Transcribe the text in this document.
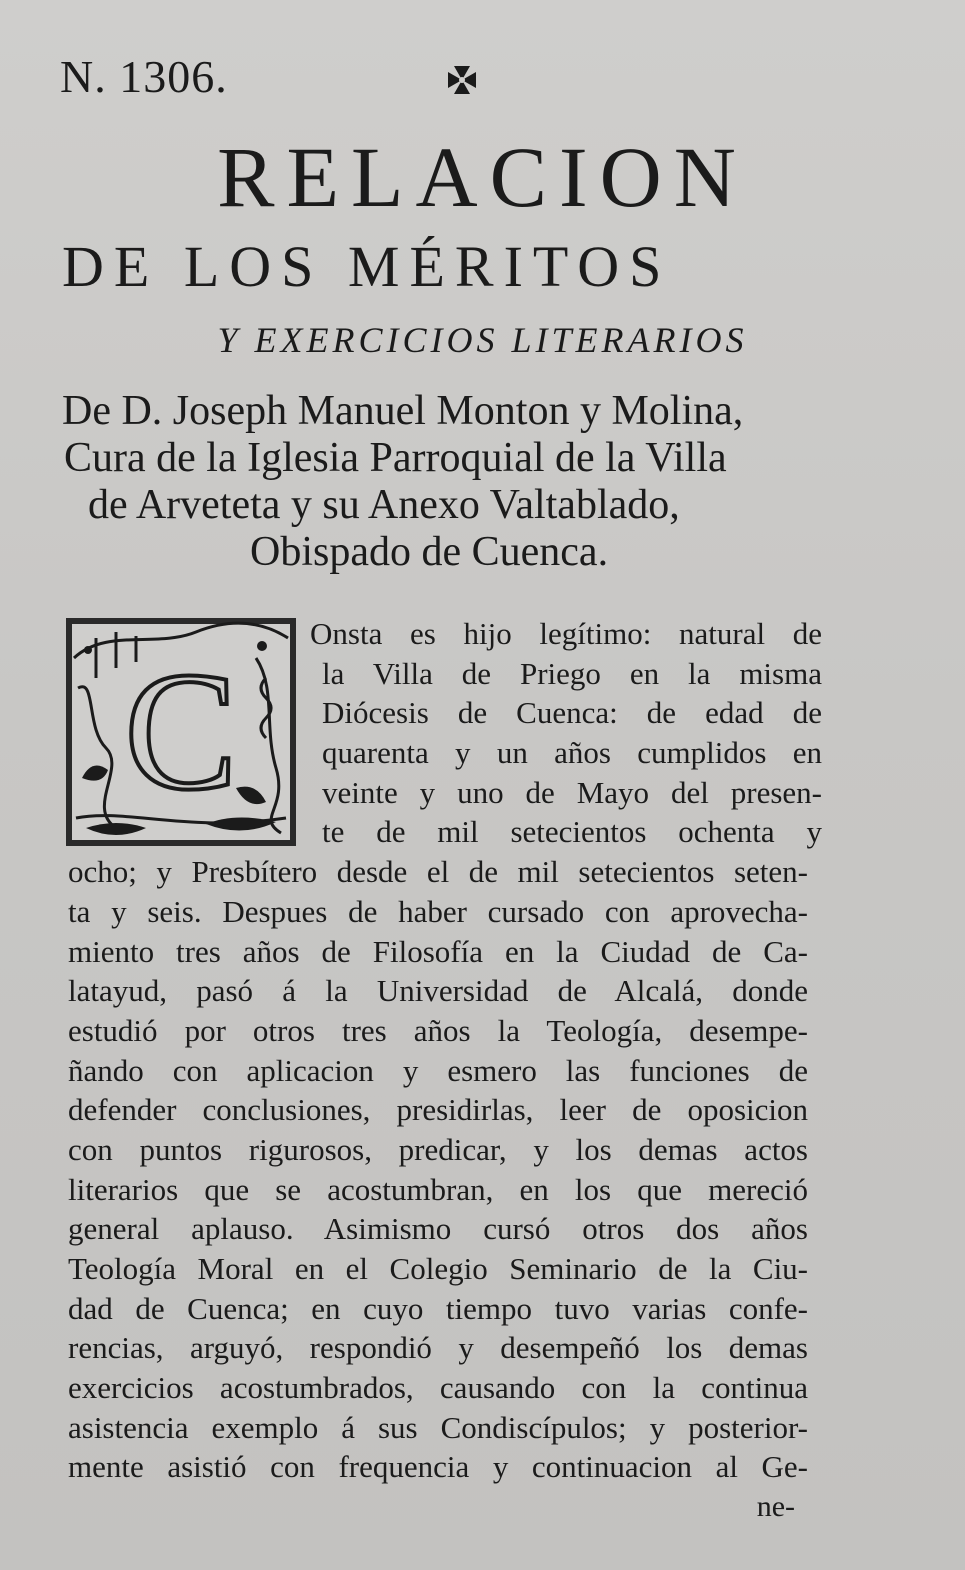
N. 1306.
RELACION
DE LOS MÉRITOS
Y EXERCICIOS LITERARIOS
De D. Joseph Manuel Monton y Molina,
Cura de la Iglesia Parroquial de la Villa
de Arveteta y su Anexo Valtablado,
Obispado de Cuenca.
C
Onsta es hijo legítimo: natural de
la Villa de Priego en la misma
Diócesis de Cuenca: de edad de
quarenta y un años cumplidos en
veinte y uno de Mayo del presen-
te de mil setecientos ochenta y
ocho; y Presbítero desde el de mil setecientos seten-
ta y seis. Despues de haber cursado con aprovecha-
miento tres años de Filosofía en la Ciudad de Ca-
latayud, pasó á la Universidad de Alcalá, donde
estudió por otros tres años la Teología, desempe-
ñando con aplicacion y esmero las funciones de
defender conclusiones, presidirlas, leer de oposicion
con puntos rigurosos, predicar, y los demas actos
literarios que se acostumbran, en los que mereció
general aplauso. Asimismo cursó otros dos años
Teología Moral en el Colegio Seminario de la Ciu-
dad de Cuenca; en cuyo tiempo tuvo varias confe-
rencias, arguyó, respondió y desempeñó los demas
exercicios acostumbrados, causando con la continua
asistencia exemplo á sus Condiscípulos; y posterior-
mente asistió con frequencia y continuacion al Ge-
ne-
